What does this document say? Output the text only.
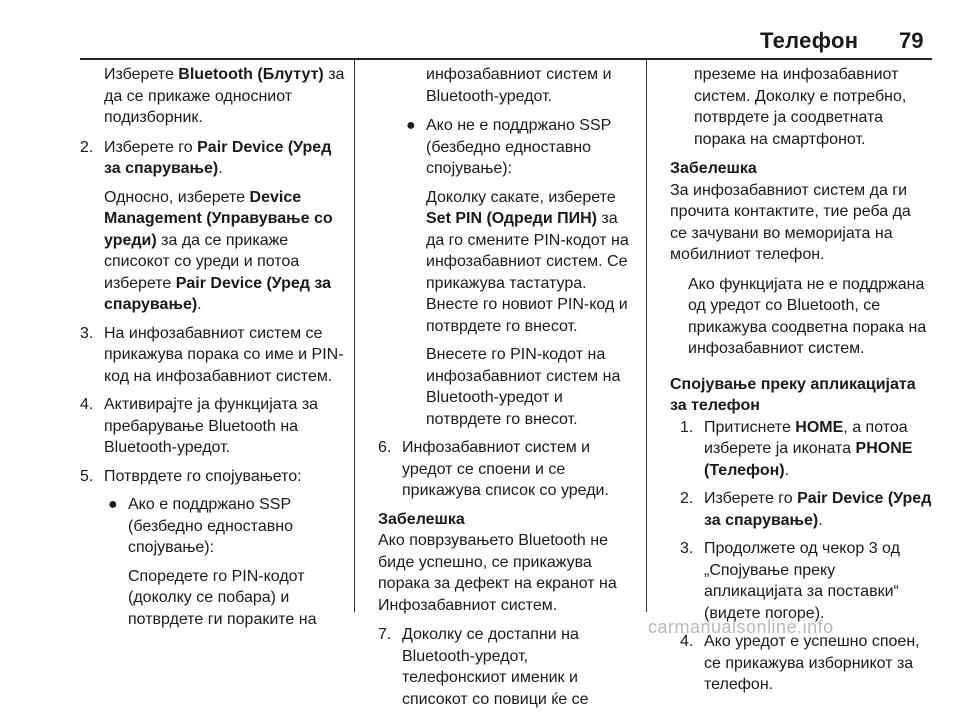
Телефон 79

Изберете Bluetooth (Блутут) за да се прикаже односниот подизборник.

2. Изберете го Pair Device (Уред за спарување).
Односно, изберете Device Management (Управување со уреди) за да се прикаже списокот со уреди и потоа изберете Pair Device (Уред за спарување).
3. На инфозабавниот систем се прикажува порака со име и PIN-код на инфозабавниот систем.
4. Активирајте ја функцијата за пребарување Bluetooth на Bluetooth-уредот.
5. Потврдете го спојувањето:
● Ако е поддржано SSP (безбедно едноставно спојување):
Споредете го PIN-кодот (доколку се побара) и потврдете ги пораките на

инфозабавниот систем и Bluetooth-уредот.

● Ако не е поддржано SSP (безбедно едноставно спојување):
Доколку сакате, изберете Set PIN (Одреди ПИН) за да го смените PIN-кодот на инфозабавниот систем. Се прикажува тастатура. Внесте го новиот PIN-код и потврдете го внесот.
Внесете го PIN-кодот на инфозабавниот систем на Bluetooth-уредот и потврдете го внесот.
6. Инфозабавниот систем и уредот се споени и се прикажува список со уреди.
Забелешка

Ако поврзувањето Bluetooth не биде успешно, се прикажува порака за дефект на екранот на Инфозабавниот систем.

7. Доколку се достапни на Bluetooth-уредот, телефонскиот именик и списокот со повици ќе се

преземе на инфозабавниот систем. Доколку е потребно, потврдете ја соодветната порака на смартфонот.

Забелешка

За инфозабавниот систем да ги прочита контактите, тие реба да се зачувани во меморијата на мобилниот телефон.

Ако функцијата не е поддржана од уредот со Bluetooth, се прикажува соодветна порака на инфозабавниот систем.

Спојување преку апликацијата за телефон
1. Притиснете HOME, а потоа изберете ја иконата PHONE (Телефон).
2. Изберете го Pair Device (Уред за спарување).
3. Продолжете од чекор 3 од „Спојување преку апликацијата за поставки“ (видете погоре).
4. Ако уредот е успешно споен, се прикажува изборникот за телефон.
carmanualsonline.info
